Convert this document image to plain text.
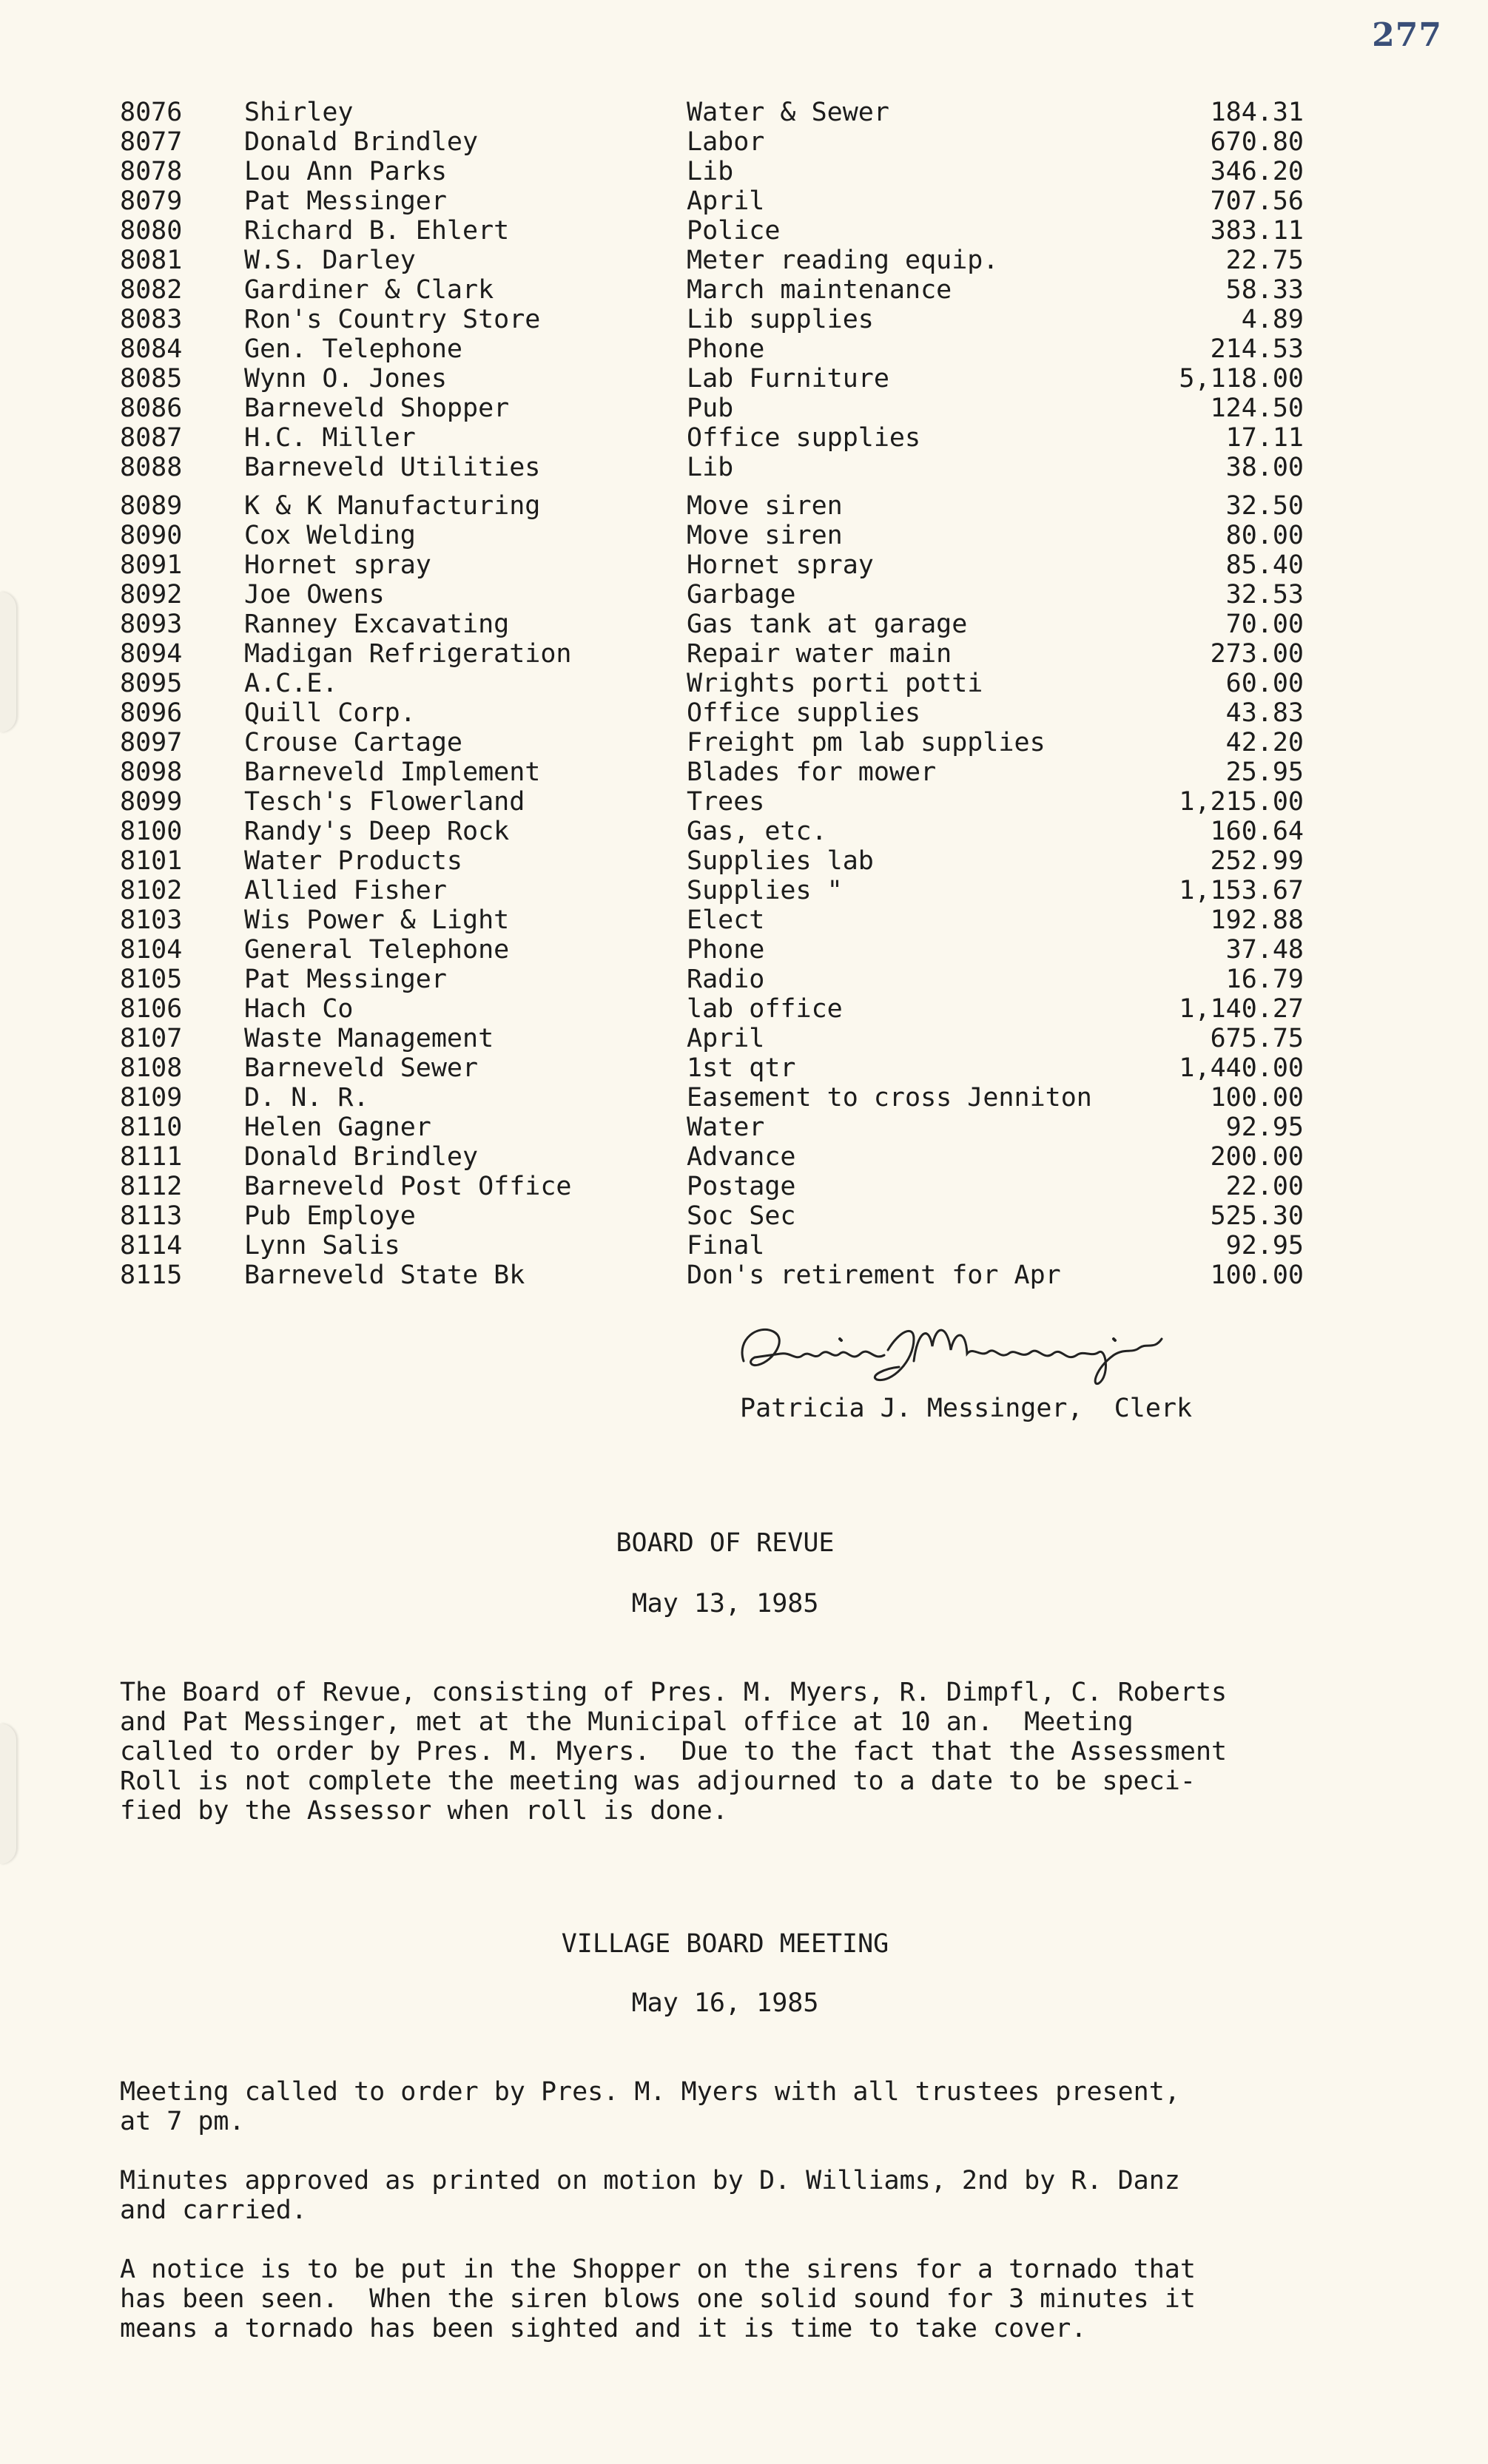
277
8076 Shirley	Water & Sewer	184.31
8077 Donald Brindley	Labor	670.80
8078 Lou Ann Parks	Lib	346.20
8079 Pat Messinger	April	707.56
8080 Richard B. Ehlert	Police	383.11
8081 W.S. Darley	Meter reading equip.	22.75
8082 Gardiner & Clark	March maintenance	58.33
8083 Ron's Country Store	Lib supplies	4.89
8084 Gen. Telephone	Phone	214.53
8085 Wynn O. Jones	Lab Furniture	5,118.00
8086 Barneveld Shopper	Pub	124.50
8087 H.C. Miller	Office supplies	17.11
8088 Barneveld Utilities	Lib	38.00
8089 K & K Manufacturing	Move siren	32.50
8090 Cox Welding	Move siren	80.00
8091 Hornet spray	Hornet spray	85.40
8092 Joe Owens	Garbage	32.53
8093 Ranney Excavating	Gas tank at garage	70.00
8094 Madigan Refrigeration	Repair water main	273.00
8095 A.C.E.	Wrights porti potti	60.00
8096 Quill Corp.	Office supplies	43.83
8097 Crouse Cartage	Freight pm lab supplies	42.20
8098 Barneveld Implement	Blades for mower	25.95
8099 Tesch's Flowerland	Trees	1,215.00
8100 Randy's Deep Rock	Gas, etc.	160.64
8101 Water Products	Supplies lab	252.99
8102 Allied Fisher	Supplies "	1,153.67
8103 Wis Power & Light	Elect	192.88
8104 General Telephone	Phone	37.48
8105 Pat Messinger	Radio	16.79
8106 Hach Co	lab office	1,140.27
8107 Waste Management	April	675.75
8108 Barneveld Sewer	1st qtr	1,440.00
8109 D. N. R.	Easement to cross Jenniton	100.00
8110 Helen Gagner	Water	92.95
8111 Donald Brindley	Advance	200.00
8112 Barneveld Post Office	Postage	22.00
8113 Pub Employe	Soc Sec	525.30
8114 Lynn Salis	Final	92.95
8115 Barneveld State Bk	Don's retirement for Apr	100.00
Patricia J. Messinger,  Clerk
BOARD OF REVUE
May 13, 1985
The Board of Revue, consisting of Pres. M. Myers, R. Dimpfl, C. Roberts
and Pat Messinger, met at the Municipal office at 10 an.  Meeting
called to order by Pres. M. Myers.  Due to the fact that the Assessment
Roll is not complete the meeting was adjourned to a date to be speci-
fied by the Assessor when roll is done.
VILLAGE BOARD MEETING
May 16, 1985
Meeting called to order by Pres. M. Myers with all trustees present,
at 7 pm.
Minutes approved as printed on motion by D. Williams, 2nd by R. Danz
and carried.
A notice is to be put in the Shopper on the sirens for a tornado that
has been seen.  When the siren blows one solid sound for 3 minutes it
means a tornado has been sighted and it is time to take cover.
